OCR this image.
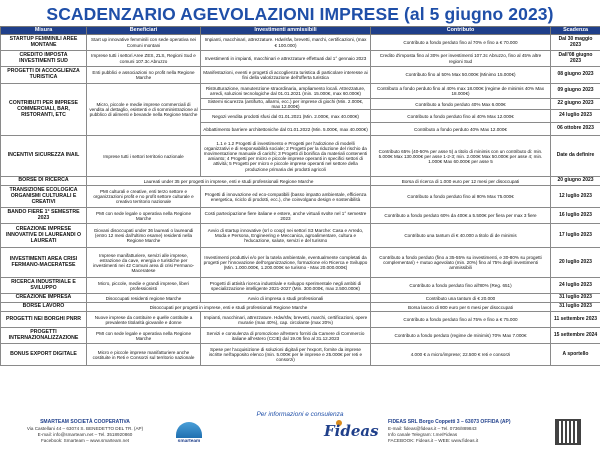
SCADENZARIO AGEVOLAZIONI IMPRESE (al 5 giugno 2023)
Misura	Beneficiari	Investimenti ammissibili	Contributo	Scadenza
STARTUP FEMMINILI AREE MONTANE	Start up innovative femminili con sede operativa nei Comuni montani	Impianti, macchinari, attrezzature. Hdw/sfw, brevetti, marchi, certificazioni, (max € 100.000)	Contributo a fondo perduto fino al 70% e fino a € 70.000	Dal 30 maggio 2023
CREDITO IMPOSTA INVESTIMENTI SUD	Imprese tutti i settori Aree ZES, ZLS, Regioni Sud e comuni 107.3c Abruzzo	Investimenti in impianti, macchinari e attrezzature effettuati dal 1° gennaio 2023	Credito d'imposta fino al 30% per investimenti 107.3c Abruzzo, fino al 45% altre regioni Sud	Dall'08 giugno 2023
PROGETTI DI ACCOGLIENZA TURISTICA	Enti pubblici e associazioni no profit nella Regione Marche	Manifestazioni, eventi e progetti di accoglienza turistica di particolare interesse ai fini della valorizzazione dell'offerta turistica	Contributo fino al 50% Max 50.000€ (Minimo 15.000€)	08 giugno 2023
CONTRIBUTI PER IMPRESE COMMERCIALI, BAR, RISTORANTI, ETC	Micro, piccole e medie imprese commerciali di vendita al dettaglio, esistenti e di somministrazione al pubblico di alimenti e bevande nella Regione Marche	Ristrutturazione, manutenzione straordinaria, ampliamento locali. Attrezzature, arredi, soluzioni tecnologiche dal 01.01.2021 (min. 15.000€, max 60.000€)	Contributo a fondo perduto fino al 40% max 18.000€ (regime de minimis 40% Max 18.000€)	09 giugno 2023
		Sistemi sicurezza (antifurto, allarmi, ecc.) per imprese di giochi (Min. 2.000€, max 12.000€)	Contributo a fondo perduto 40% Max 6.000€	22 giugno 2023
		Negozi vendita prodotti sfusi dal 01.01.2021 (Min. 2.000€, max 40.000€)	Contributo a fondo perduto fino al 40% Max 12.000€	24 luglio 2023
		Abbattimento barriere architettoniche dal 01.01.2022 (Min. 5.000€, max 40.000€)	Contributo a fondo perduto 40% Max 12.000€	06 ottobre 2023
INCENTIVI SICUREZZA INAIL	Imprese tutti i settori territorio nazionale	1.1 e 1.2 Progetti di investimento e Progetti per l'adozione di modelli organizzativi e di responsabilità sociale; 2 Progetti per la riduzione del rischio da movimentazione manuale di carichi; 3 Progetti di bonifica da materiali contenenti amianto; 4 Progetti per micro e piccole imprese operanti in specifici settori di attività; 5 Progetti per micro e piccole imprese operanti nel settore della produzione primaria dei prodotti agricoli	Contributo 65% (40-50% per asse 5) a titolo di minimis con un contributo di: min. 5.000€ Max 130.000€ per asse 1-2-3; min. 2.000€ Max 50.000€ per asse 4; min. 1.000€ Max 60.000€ per asse 5	Date da definire
BORSE DI RICERCA	Laureati under 35 per progetti in imprese, enti e studi professionali Regione Marche		Borsa di ricerca di 1.000 euro per 12 mesi per disoccupati	20 giugno 2023
TRANSIZIONE ECOLOGICA ORGANISMI CULTURALI E CREATIVI	PMI culturali e creative, enti terzo settore e organizzazioni profit e no profit settore culturale e creativo territorio nazionale	Progetti di innovazione ed eco-compatibili (basso impatto ambientale, efficienza energetica, riciclo di prodotti, ecc.), che coinvolgano design e sostenibilità	Contributo a fondo perduto fino al 90% Max 75.000€	12 luglio 2023
BANDO FIERE 1° SEMESTRE 2023	PMI con sede legale o operativa nella Regione Marche	Costi partecipazione fiere italiane e estere, anche virtuali svolte nel 1° semestre 2023	Contributo a fondo perduto 60% da 400€ a 5.500€ per fiera per max 3 fiere	16 luglio 2023
CREAZIONE IMPRESE INNOVATIVE DI LAUREANDI O LAUREATI	Giovani disoccupati under 36 laureati o laureandi (entro 12 mesi dall'ultimo esame) residenti nella Regione Marche	Avvio di startup innovative (srl o coop) nei settori S3 Marche: Casa e Arredo, Moda e Persona, Engineering e Meccanica, agroalimentare, cultura e l'educazione, salute, servizi e del turismo	Contributo una tantum di € 40.000 a titolo di de minimis	17 luglio 2023
INVESTIMENTI AREA CRISI FERMANO-MACERATESE	Imprese manifatturiere, servizi alle imprese, estrazione da cave, energia e turistiche per investimenti nei 42 Comuni area di crisi Fermano-Maceratese	Investimenti produttivi e/o per la tutela ambientale, eventualmente completati da progetti per l'innovazione dell'organizzazione, formazione e/o Ricerca e Sviluppo (Min. 1.000.000€, 1.200.000€ se turismo - Max 20.000.000€)	Contributo a fondo perduto (fino a 35-55% su investimenti, e 30-80% su progetti complementari) + mutuo agevolato (min. 20%) fino al 75% degli investimenti ammissibili	20 luglio 2023
RICERCA INDUSTRIALE E SVILUPPO	Micro, piccole, medie e grandi imprese, liberi professionisti	Progetti di attività ricerca industriale e sviluppo sperimentale negli ambiti di specializzazione intelligente 2021-2027 (Min. 300.000€, max 2.500.000€)	Contributo a fondo perduto fino all'80% (Reg. 651)	24 luglio 2023
CREAZIONE IMPRESA	Disoccupati residenti regione Marche	Avvio di impresa o studi professionali	Contributo una tantum di € 20.000	31 luglio 2023
BORSE LAVORO	Disoccupati per progetti in imprese, enti e studi professionali Regione Marche		Borsa lavoro di 800 euro per 6 mesi per disoccupati	31 luglio 2023
PROGETTI NEI BORGHI PNRR	Nuove imprese da costituire e quelle costituite a prevalente titolarità giovanile e donne	Impianti, macchinari, attrezzature. Hdw/sfw, brevetti, marchi, certificazioni, opere murarie (max 40%), cap. circolante (max 20%)	Contributo a fondo perduto fino al 75% e fino a € 75.000	11 settembre 2023
PROGETTI INTERNAZIONALIZZAZIONE	PMI con sede legale e operativa nella Regione Marche	Servizi e consulenza di promozione all'estero forniti da Camere di Commercio italiane all'estero (CCIE) dal 19.06 fino al 31.12.2023	Contributo a fondo perduto (regime de minimis) 70% Max 7.000€	15 settembre 2024
BONUS EXPORT DIGITALE	Micro e piccole imprese manifatturiere anche costituite in Reti e Consorzi sul territorio nazionale	Spese per l'acquisizione di soluzioni digitali per l'export, fornite da imprese iscritte nell'apposito elenco (min. 5.000€ per le imprese e 25.000€ per reti e consorzi)	4.000 € a micro/imprese; 22.500 € reti e consorzi	A sportello
Per informazioni e consulenza
SMARTEAM SOCIETÀ COOPERATIVA
Via Castellani 44 – 63074 S. BENEDETTO DEL TR. (AP)
E-mail: info@smarteam.net – Tel. 3518920860
Facebook: Smarteam – www.smarteam.net	smarteam
Fideas FIDEAS SRL Borgo Coppetti 3 – 63073 OFFIDA (AP)
E-mail: fideas@fideas.it – Tel. 0736/889843
Info canale Telegram: t.me/Fideas
FACEBOOK: Fideas.it – WEB: www.fideas.it
